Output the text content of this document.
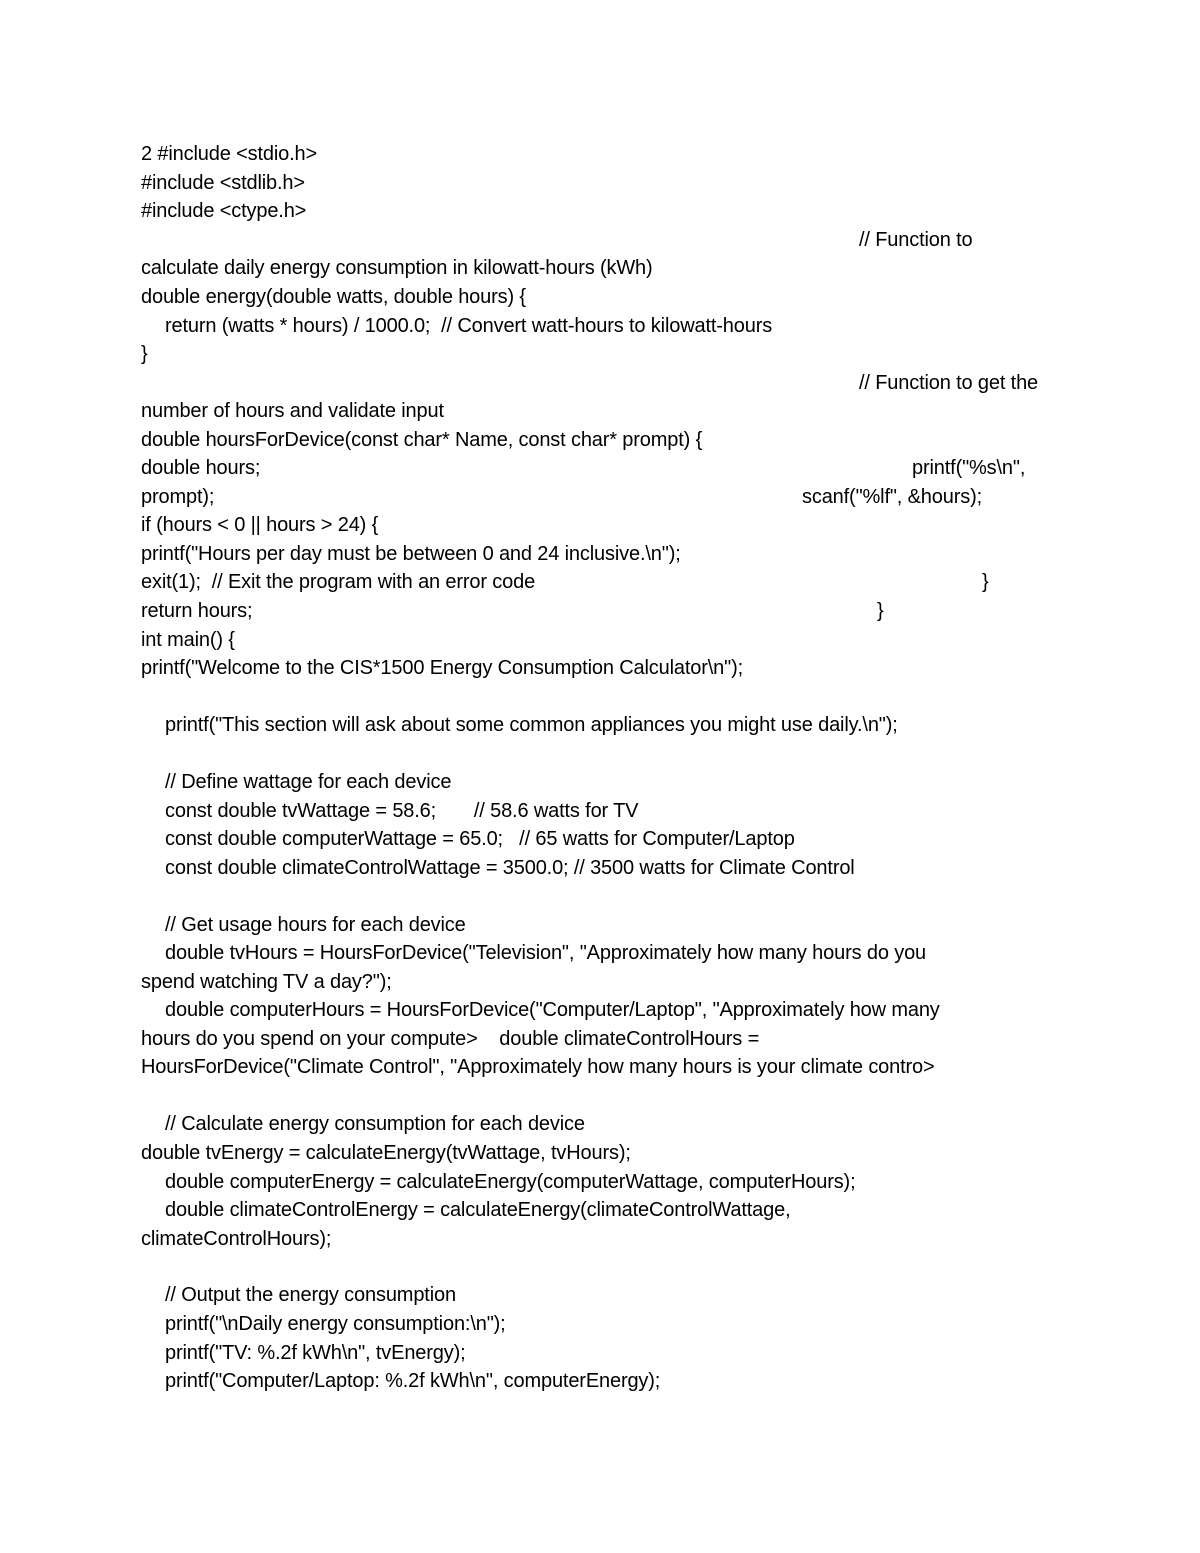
2 #include <stdio.h>
#include <stdlib.h>
#include <ctype.h>
// Function to
calculate daily energy consumption in kilowatt-hours (kWh)
double energy(double watts, double hours) {
return (watts * hours) / 1000.0;  // Convert watt-hours to kilowatt-hours
}
// Function to get the
number of hours and validate input
double hoursForDevice(const char* Name, const char* prompt) {
double hours;	printf("%s\n",
prompt);	scanf("%lf", &hours);
if (hours < 0 || hours > 24) {
printf("Hours per day must be between 0 and 24 inclusive.\n");
exit(1);  // Exit the program with an error code	}
return hours;	}
int main() {
printf("Welcome to the CIS*1500 Energy Consumption Calculator\n");
printf("This section will ask about some common appliances you might use daily.\n");
// Define wattage for each device
const double tvWattage = 58.6;       // 58.6 watts for TV
const double computerWattage = 65.0;   // 65 watts for Computer/Laptop
const double climateControlWattage = 3500.0; // 3500 watts for Climate Control
// Get usage hours for each device
double tvHours = HoursForDevice("Television", "Approximately how many hours do you
spend watching TV a day?");
double computerHours = HoursForDevice("Computer/Laptop", "Approximately how many
hours do you spend on your compute>    double climateControlHours =
HoursForDevice("Climate Control", "Approximately how many hours is your climate contro>
// Calculate energy consumption for each device
double tvEnergy = calculateEnergy(tvWattage, tvHours);
double computerEnergy = calculateEnergy(computerWattage, computerHours);
double climateControlEnergy = calculateEnergy(climateControlWattage,
climateControlHours);
// Output the energy consumption
printf("\nDaily energy consumption:\n");
printf("TV: %.2f kWh\n", tvEnergy);
printf("Computer/Laptop: %.2f kWh\n", computerEnergy);
